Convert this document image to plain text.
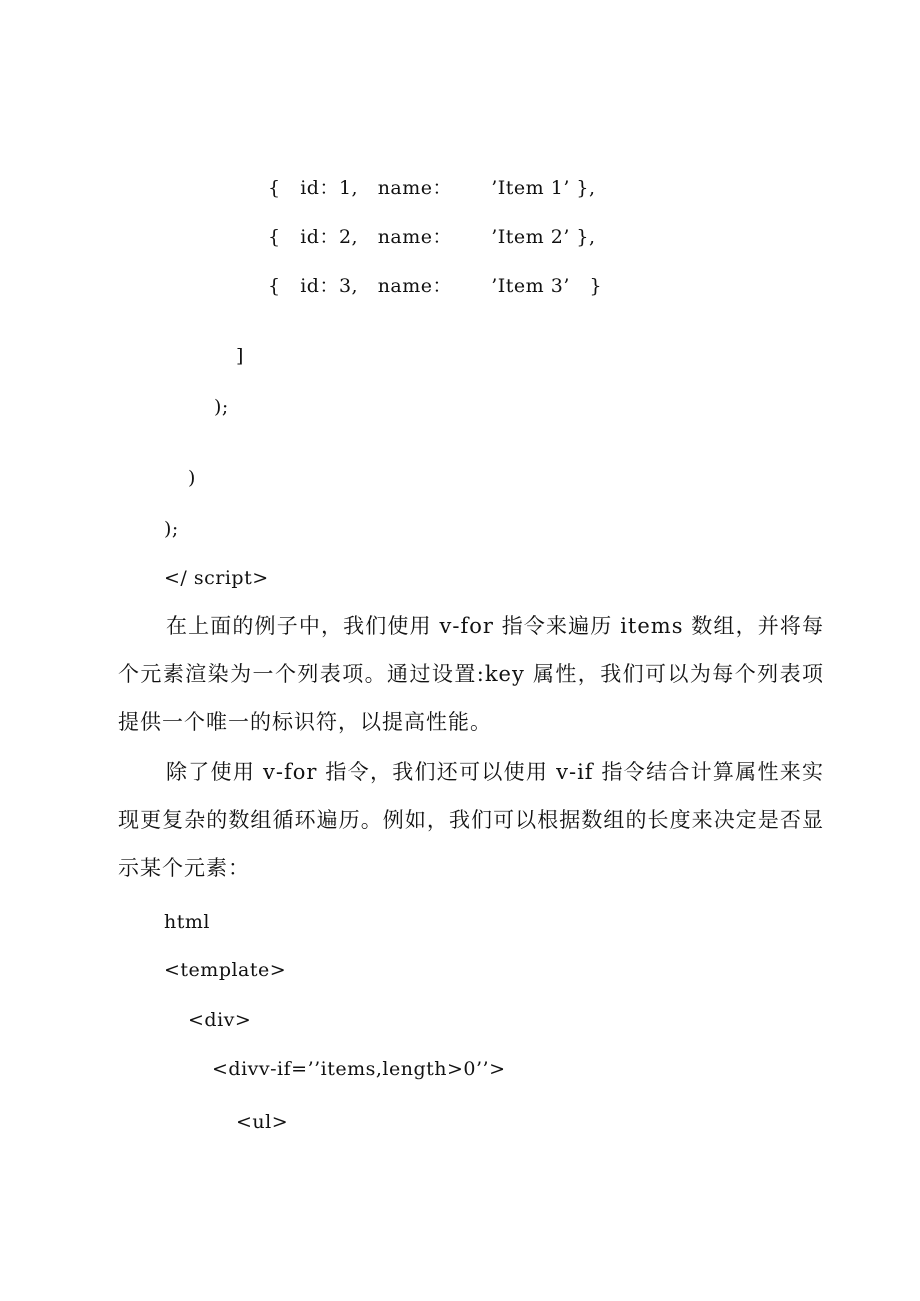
{   id：1,   name：      ’Item 1’ },
{   id：2,   name：      ’Item 2’ },
{   id：3,   name：      ’Item 3’   }
]
);
)
);
</ script>

在上面的例子中，我们使用 v-for 指令来遍历 items 数组，并将每个元素渲染为一个列表项。通过设置:key 属性，我们可以为每个列表项提供一个唯一的标识符，以提高性能。

除了使用 v-for 指令，我们还可以使用 v-if 指令结合计算属性来实现更复杂的数组循环遍历。例如，我们可以根据数组的长度来决定是否显示某个元素：

html
<template>
<div>
<divv-if=’’items,length>0’’>
<ul>
